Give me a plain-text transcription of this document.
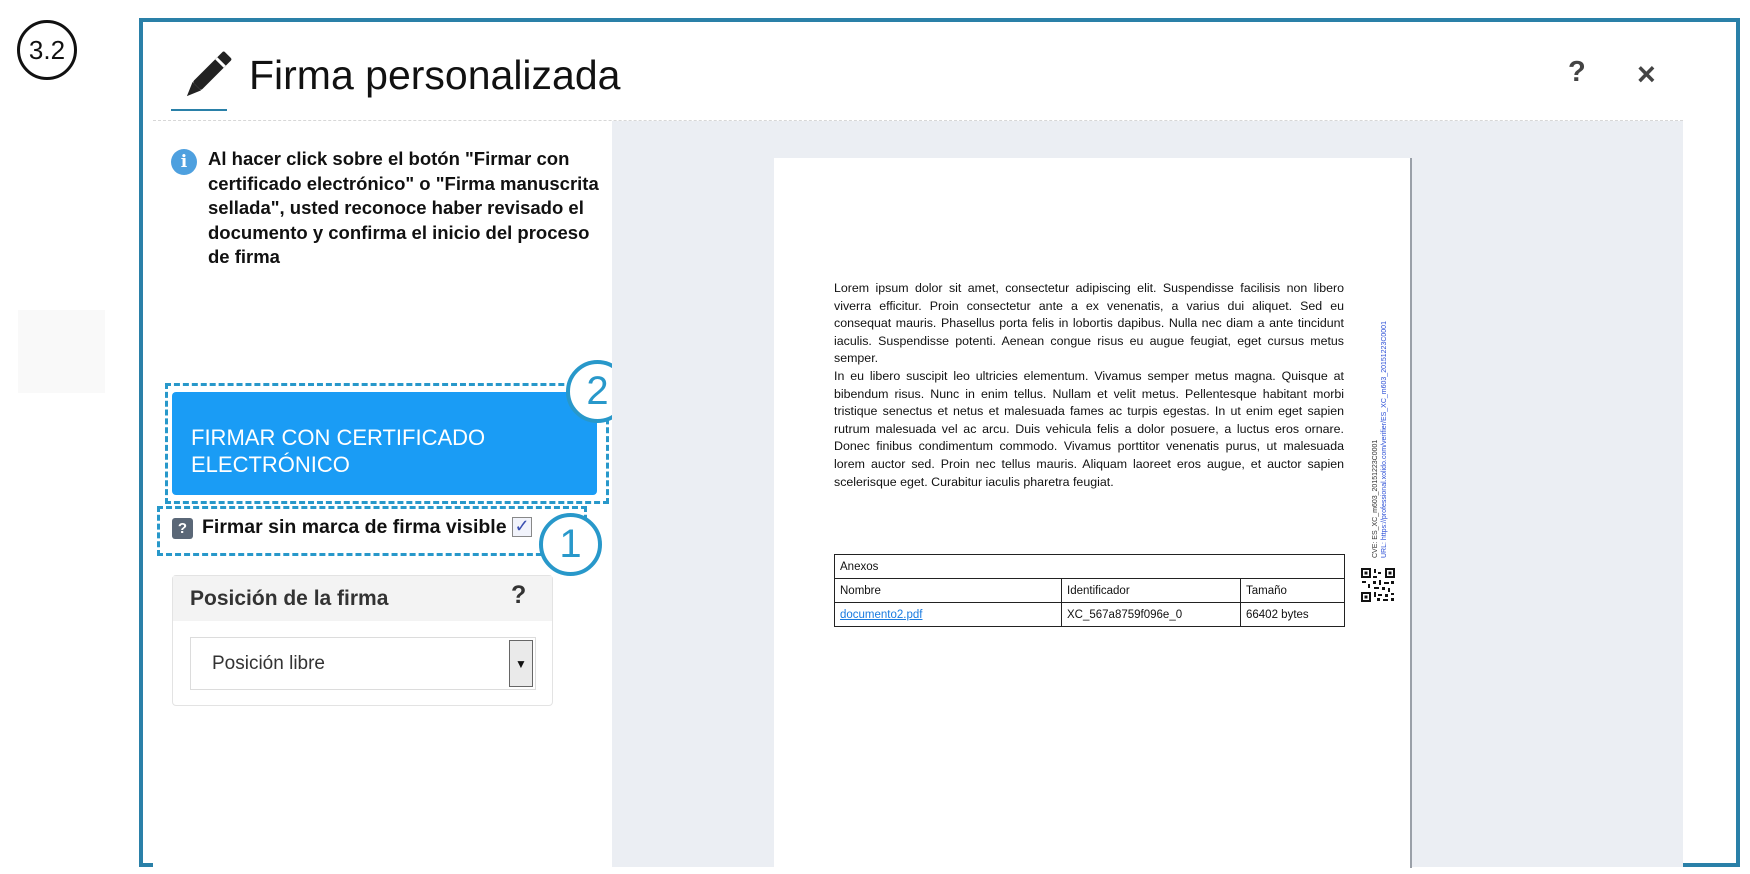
3.2
Firma personalizada	? ×
i	Al hacer click sobre el botón "Firmar con certificado electrónico" o "Firma manuscrita sellada", usted reconoce haber revisado el documento y confirma el inicio del proceso de firma
FIRMAR CON CERTIFICADO
ELECTRÓNICO
? Firmar sin marca de firma visible ✓
2
1
Posición de la firma	?
Posición libre	▼

Lorem ipsum dolor sit amet, consectetur adipiscing elit. Suspendisse facilisis non libero viverra efficitur. Proin consectetur ante a ex venenatis, a varius dui aliquet. Sed eu consequat mauris. Phasellus porta felis in lobortis dapibus. Nulla nec diam a ante tincidunt iaculis. Suspendisse potenti. Aenean congue risus eu augue feugiat, eget cursus metus semper.

In eu libero suscipit leo ultricies elementum. Vivamus semper metus magna. Quisque at bibendum risus. Nunc in enim tellus. Nullam et velit metus. Pellentesque habitant morbi tristique senectus et netus et malesuada fames ac turpis egestas. In ut enim eget sapien rutrum malesuada vel ac arcu. Duis vehicula felis a dolor posuere, a luctus eros ornare. Donec finibus condimentum commodo. Vivamus porttitor venenatis purus, ut malesuada lorem auctor sed. Proin nec tellus mauris. Aliquam laoreet eros augue, et auctor sapien scelerisque eget. Curabitur iaculis pharetra feugiat.

Anexos		
Nombre	Identificador	Tamaño
documento2.pdf	XC_567a8759f096e_0	66402 bytes
CVE: ES_XC_m603_20151223C0001 URL: https://professional.xolido.com/verifier/ES_XC_m603_20151223C0001
